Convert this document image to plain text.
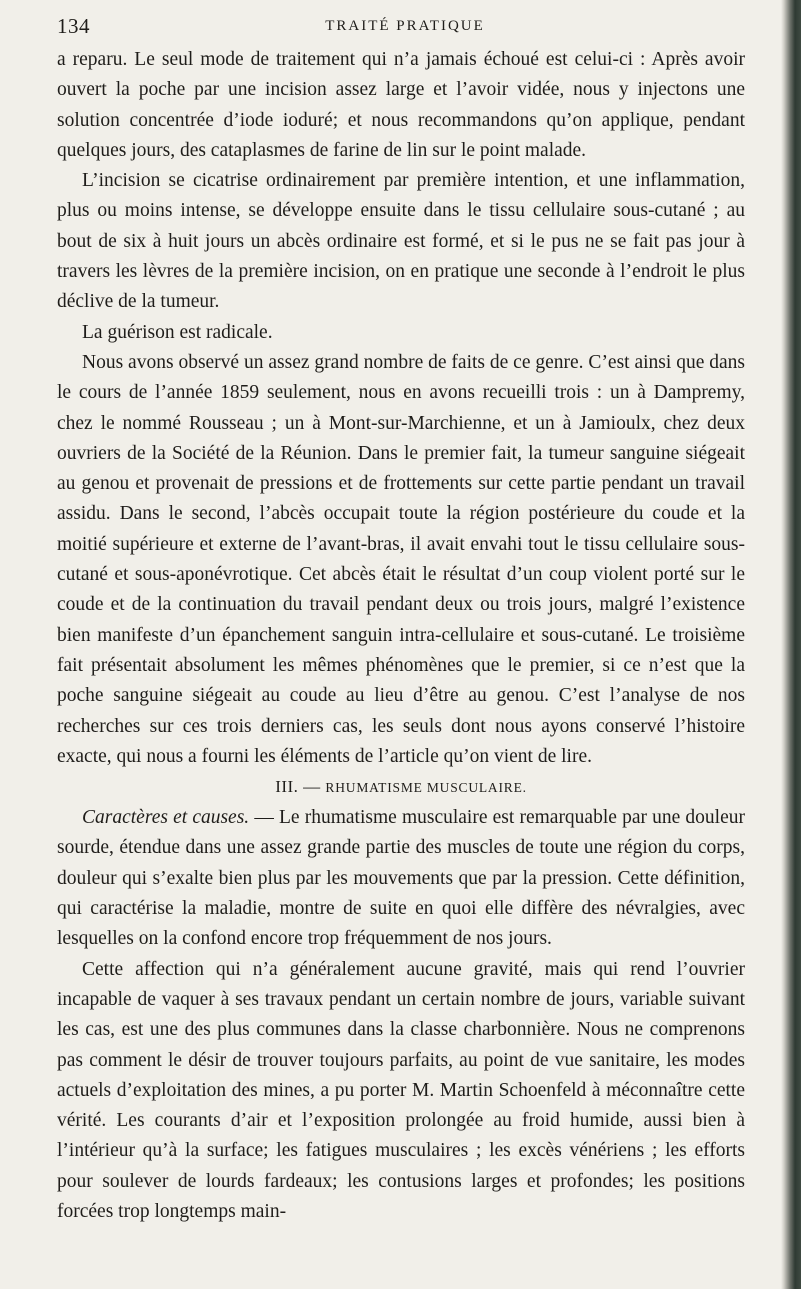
134	TRAITÉ PRATIQUE

a reparu. Le seul mode de traitement qui n’a jamais échoué est celui-ci : Après avoir ouvert la poche par une incision assez large et l’avoir vidée, nous y injectons une solution concentrée d’iode ioduré; et nous recommandons qu’on applique, pendant quelques jours, des cataplasmes de farine de lin sur le point malade.

L’incision se cicatrise ordinairement par première intention, et une inflammation, plus ou moins intense, se développe ensuite dans le tissu cellulaire sous-cutané ; au bout de six à huit jours un abcès ordinaire est formé, et si le pus ne se fait pas jour à travers les lèvres de la première incision, on en pratique une seconde à l’endroit le plus déclive de la tumeur.

La guérison est radicale.

Nous avons observé un assez grand nombre de faits de ce genre. C’est ainsi que dans le cours de l’année 1859 seulement, nous en avons recueilli trois : un à Dampremy, chez le nommé Rousseau ; un à Mont-sur-Marchienne, et un à Jamioulx, chez deux ouvriers de la Société de la Réunion. Dans le premier fait, la tumeur sanguine siégeait au genou et provenait de pressions et de frottements sur cette partie pendant un travail assidu. Dans le second, l’abcès occupait toute la région postérieure du coude et la moitié supérieure et externe de l’avant-bras, il avait envahi tout le tissu cellulaire sous-cutané et sous-aponévrotique. Cet abcès était le résultat d’un coup violent porté sur le coude et de la continuation du travail pendant deux ou trois jours, malgré l’existence bien manifeste d’un épanchement sanguin intra-cellulaire et sous-cutané. Le troisième fait présentait absolument les mêmes phénomènes que le premier, si ce n’est que la poche sanguine siégeait au coude au lieu d’être au genou. C’est l’analyse de nos recherches sur ces trois derniers cas, les seuls dont nous ayons conservé l’histoire exacte, qui nous a fourni les éléments de l’article qu’on vient de lire.

III. — RHUMATISME MUSCULAIRE.

Caractères et causes. — Le rhumatisme musculaire est remarquable par une douleur sourde, étendue dans une assez grande partie des muscles de toute une région du corps, douleur qui s’exalte bien plus par les mouvements que par la pression. Cette définition, qui caractérise la maladie, montre de suite en quoi elle diffère des névralgies, avec lesquelles on la confond encore trop fréquemment de nos jours.

Cette affection qui n’a généralement aucune gravité, mais qui rend l’ouvrier incapable de vaquer à ses travaux pendant un certain nombre de jours, variable suivant les cas, est une des plus communes dans la classe charbonnière. Nous ne comprenons pas comment le désir de trouver toujours parfaits, au point de vue sanitaire, les modes actuels d’exploitation des mines, a pu porter M. Martin Schoenfeld à méconnaître cette vérité. Les courants d’air et l’exposition prolongée au froid humide, aussi bien à l’intérieur qu’à la surface; les fatigues musculaires ; les excès vénériens ; les efforts pour soulever de lourds fardeaux; les contusions larges et profondes; les positions forcées trop longtemps main-
